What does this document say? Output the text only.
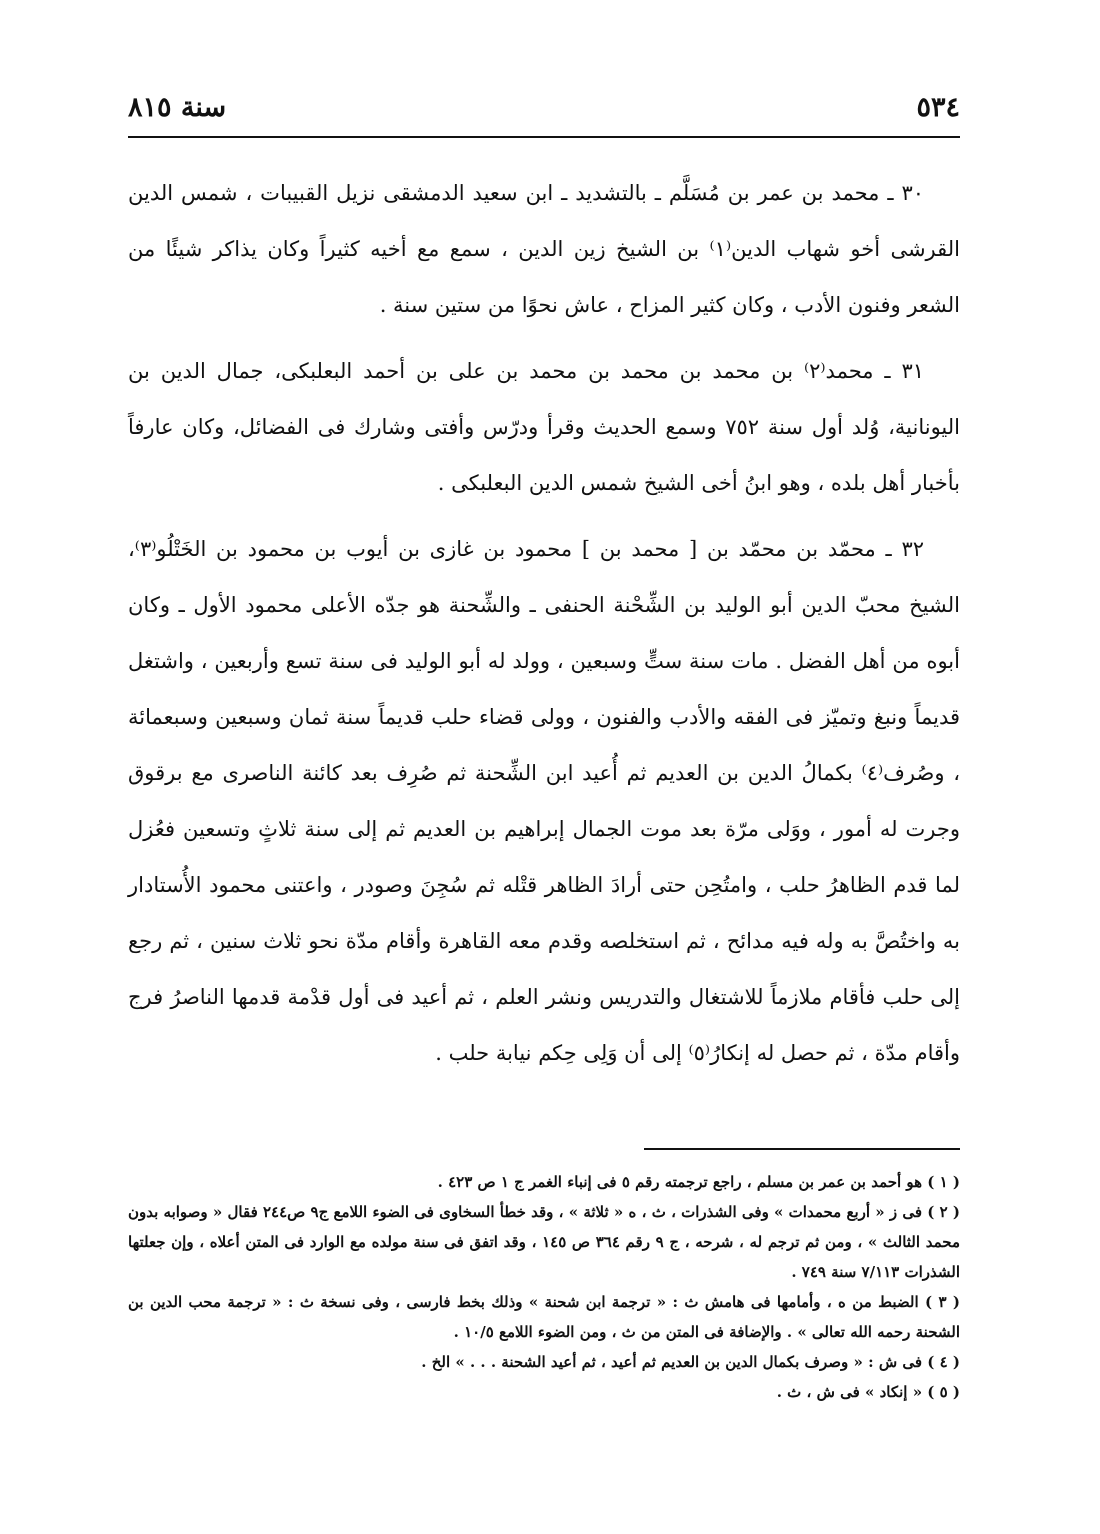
٥٣٤
سنة ٨١٥

٣٠ ـ محمد بن عمر بن مُسَلَّم ـ بالتشديد ـ ابن سعيد الدمشقى نزيل القبيبات ، شمس الدين القرشى أخو شهاب الدين⁽١⁾ بن الشيخ زين الدين ، سمع مع أخيه كثيراً وكان يذاكر شيئًا من الشعر وفنون الأدب ، وكان كثير المزاح ، عاش نحوًا من ستين سنة .

٣١ ـ محمد⁽٢⁾ بن محمد بن محمد بن محمد بن على بن أحمد البعلبكى، جمال الدين بن اليونانية، وُلد أول سنة ٧٥٢ وسمع الحديث وقرأ ودرّس وأفتى وشارك فى الفضائل، وكان عارفاً بأخبار أهل بلده ، وهو ابنُ أخى الشيخ شمس الدين البعلبكى .

٣٢ ـ محمّد بن محمّد بن [ محمد بن ] محمود بن غازى بن أيوب بن محمود بن الخَتْلُو⁽٣⁾، الشيخ محبّ الدين أبو الوليد بن الشِّحْنة الحنفى ـ والشِّحنة هو جدّه الأعلى محمود الأول ـ وكان أبوه من أهل الفضل . مات سنة ستٍّ وسبعين ، وولد له أبو الوليد فى سنة تسع وأربعين ، واشتغل قديماً ونبغ وتميّز فى الفقه والأدب والفنون ، وولى قضاء حلب قديماً سنة ثمان وسبعين وسبعمائة ، وصُرف⁽٤⁾ بكمالُ الدين بن العديم ثم أُعيد ابن الشِّحنة ثم صُرِف بعد كائنة الناصرى مع برقوق وجرت له أمور ، ووَلى مرّة بعد موت الجمال إبراهيم بن العديم ثم إلى سنة ثلاثٍ وتسعين فعُزل لما قدم الظاهرُ حلب ، وامتُحِن حتى أرادَ الظاهر قتْله ثم سُجِنَ وصودر ، واعتنى محمود الأُستادار به واختُصَّ به وله فيه مدائح ، ثم استخلصه وقدم معه القاهرة وأقام مدّة نحو ثلاث سنين ، ثم رجع إلى حلب فأقام ملازماً للاشتغال والتدريس ونشر العلم ، ثم أعيد فى أول قدْمة قدمها الناصرُ فرج وأقام مدّة ، ثم حصل له إنكارُ⁽٥⁾ إلى أن وَلِى حِكم نيابة حلب .

( ١ ) هو أحمد بن عمر بن مسلم ، راجع ترجمته رقم ٥ فى إنباء الغمر ج ١ ص ٤٢٣ .

( ٢ ) فى ز « أربع محمدات » وفى الشذرات ، ث ، ه « ثلاثة » ، وقد خطأ السخاوى فى الضوء اللامع ج٩ ص٢٤٤ فقال « وصوابه بدون محمد الثالث » ، ومن ثم ترجم له ، شرحه ، ج ٩ رقم ٣٦٤ ص ١٤٥ ، وقد اتفق فى سنة مولده مع الوارد فى المتن أعلاه ، وإن جعلتها الشذرات ٧/١١٣ سنة ٧٤٩ .

( ٣ ) الضبط من ه ، وأمامها فى هامش ث : « ترجمة ابن شحنة » وذلك بخط فارسى ، وفى نسخة ث : « ترجمة محب الدين بن الشحنة رحمه الله تعالى » . والإضافة فى المتن من ث ، ومن الضوء اللامع ١٠/٥ .

( ٤ ) فى ش : « وصرف بكمال الدين بن العديم ثم أعيد ، ثم أعيد الشحنة . . . » الخ .

( ٥ ) « إنكاد » فى ش ، ث .
